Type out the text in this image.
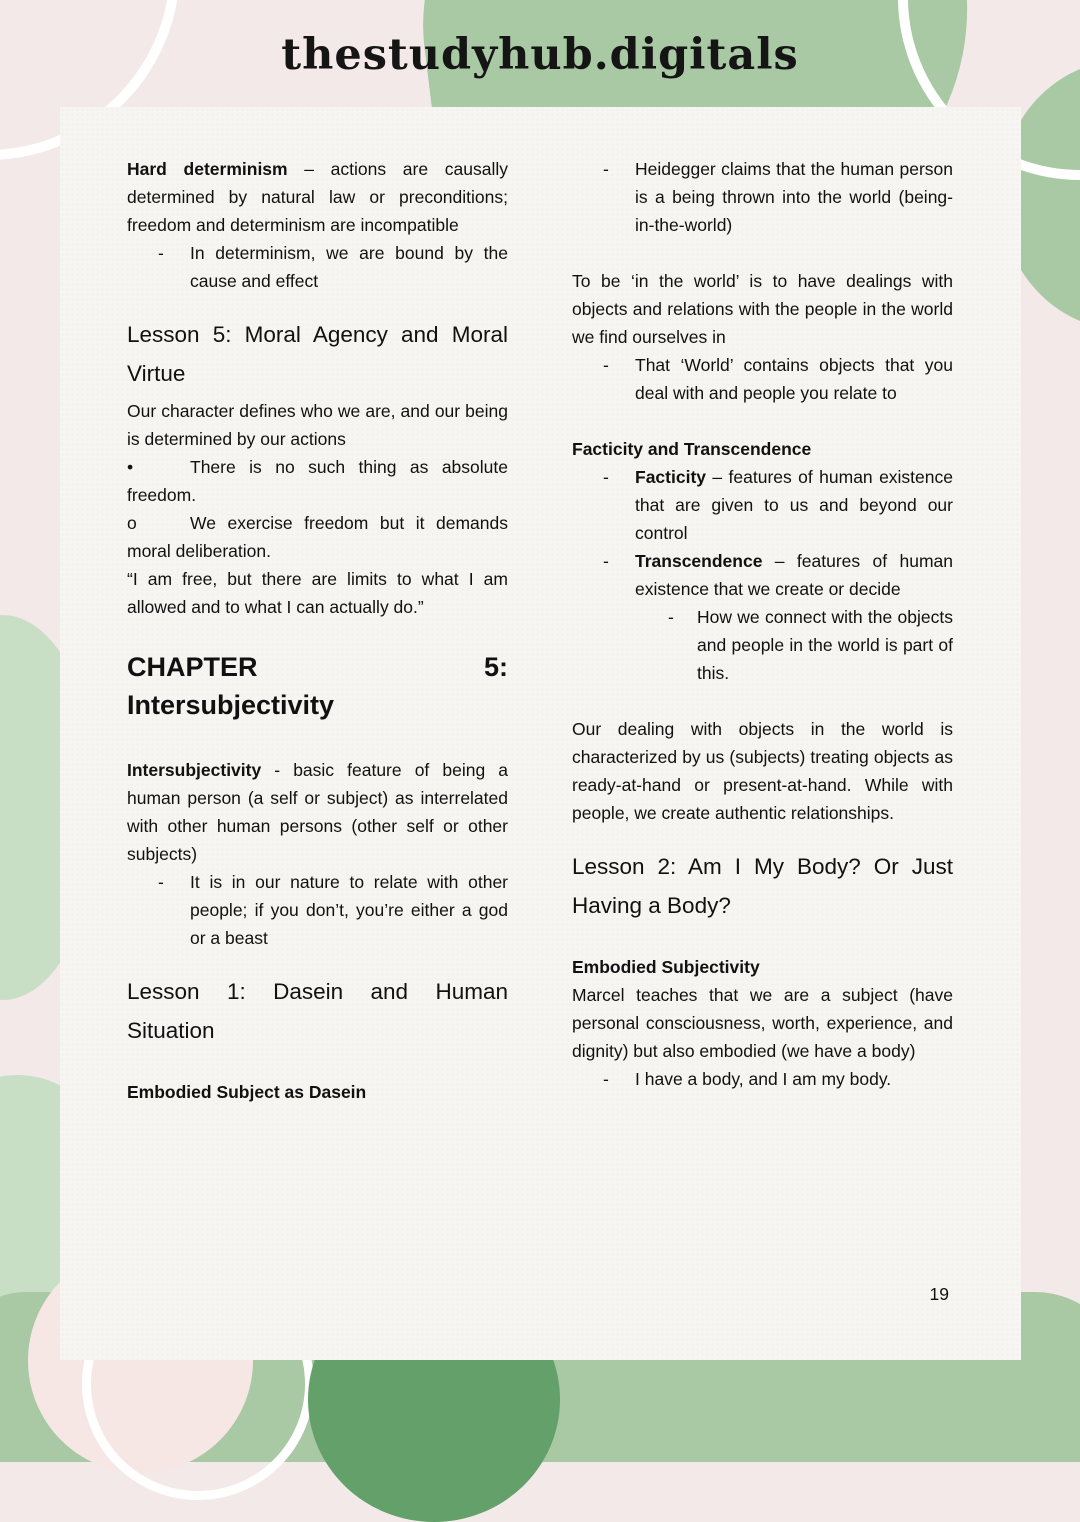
thestudyhub.digitals

Hard determinism – actions are causally determined by natural law or preconditions; freedom and determinism are incompatible

-	In determinism, we are bound by the cause and effect
Lesson 5: Moral Agency and Moral Virtue

Our character defines who we are, and our being is determined by our actions

•	There is no such thing as absolute freedom.

o	We exercise freedom but it demands moral deliberation.

“I am free, but there are limits to what I am allowed and to what I can actually do.”

CHAPTER	5:
Intersubjectivity

Intersubjectivity - basic feature of being a human person (a self or subject) as interrelated with other human persons (other self or other subjects)

-	It is in our nature to relate with other people; if you don’t, you’re either a god or a beast
Lesson 1: Dasein and Human Situation

Embodied Subject as Dasein

-	Heidegger claims that the human person is a being thrown into the world (being-in-the-world)

To be ‘in the world’ is to have dealings with objects and relations with the people in the world we find ourselves in

-	That ‘World’ contains objects that you deal with and people you relate to

Facticity and Transcendence

-	Facticity – features of human existence that are given to us and beyond our control
-	Transcendence – features of human existence that we create or decide
-	How we connect with the objects and people in the world is part of this.

Our dealing with objects in the world is characterized by us (subjects) treating objects as ready-at-hand or present-at-hand. While with people, we create authentic relationships.

Lesson 2: Am I My Body? Or Just Having a Body?

Embodied Subjectivity

Marcel teaches that we are a subject (have personal consciousness, worth, experience, and dignity) but also embodied (we have a body)

-	I have a body, and I am my body.
19
